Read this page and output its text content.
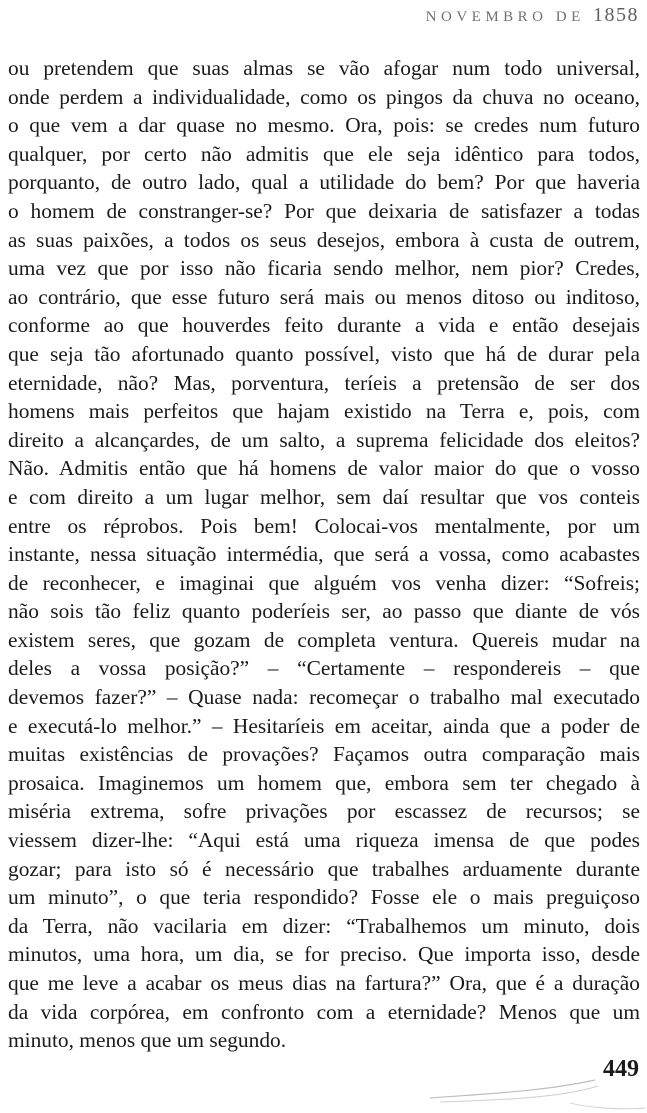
NOVEMBRO DE 1858
ou pretendem que suas almas se vão afogar num todo universal,
onde perdem a individualidade, como os pingos da chuva no oceano,
o que vem a dar quase no mesmo. Ora, pois: se credes num futuro
qualquer, por certo não admitis que ele seja idêntico para todos,
porquanto, de outro lado, qual a utilidade do bem? Por que haveria
o homem de constranger-se? Por que deixaria de satisfazer a todas
as suas paixões, a todos os seus desejos, embora à custa de outrem,
uma vez que por isso não ficaria sendo melhor, nem pior? Credes,
ao contrário, que esse futuro será mais ou menos ditoso ou inditoso,
conforme ao que houverdes feito durante a vida e então desejais
que seja tão afortunado quanto possível, visto que há de durar pela
eternidade, não? Mas, porventura, teríeis a pretensão de ser dos
homens mais perfeitos que hajam existido na Terra e, pois, com
direito a alcançardes, de um salto, a suprema felicidade dos eleitos?
Não. Admitis então que há homens de valor maior do que o vosso
e com direito a um lugar melhor, sem daí resultar que vos conteis
entre os réprobos. Pois bem! Colocai-vos mentalmente, por um
instante, nessa situação intermédia, que será a vossa, como acabastes
de reconhecer, e imaginai que alguém vos venha dizer: “Sofreis;
não sois tão feliz quanto poderíeis ser, ao passo que diante de vós
existem seres, que gozam de completa ventura. Quereis mudar na
deles a vossa posição?” – “Certamente – respondereis – que
devemos fazer?” – Quase nada: recomeçar o trabalho mal executado
e executá-lo melhor.” – Hesitaríeis em aceitar, ainda que a poder de
muitas existências de provações? Façamos outra comparação mais
prosaica. Imaginemos um homem que, embora sem ter chegado à
miséria extrema, sofre privações por escassez de recursos; se
viessem dizer-lhe: “Aqui está uma riqueza imensa de que podes
gozar; para isto só é necessário que trabalhes arduamente durante
um minuto”, o que teria respondido? Fosse ele o mais preguiçoso
da Terra, não vacilaria em dizer: “Trabalhemos um minuto, dois
minutos, uma hora, um dia, se for preciso. Que importa isso, desde
que me leve a acabar os meus dias na fartura?” Ora, que é a duração
da vida corpórea, em confronto com a eternidade? Menos que um
minuto, menos que um segundo.
449
